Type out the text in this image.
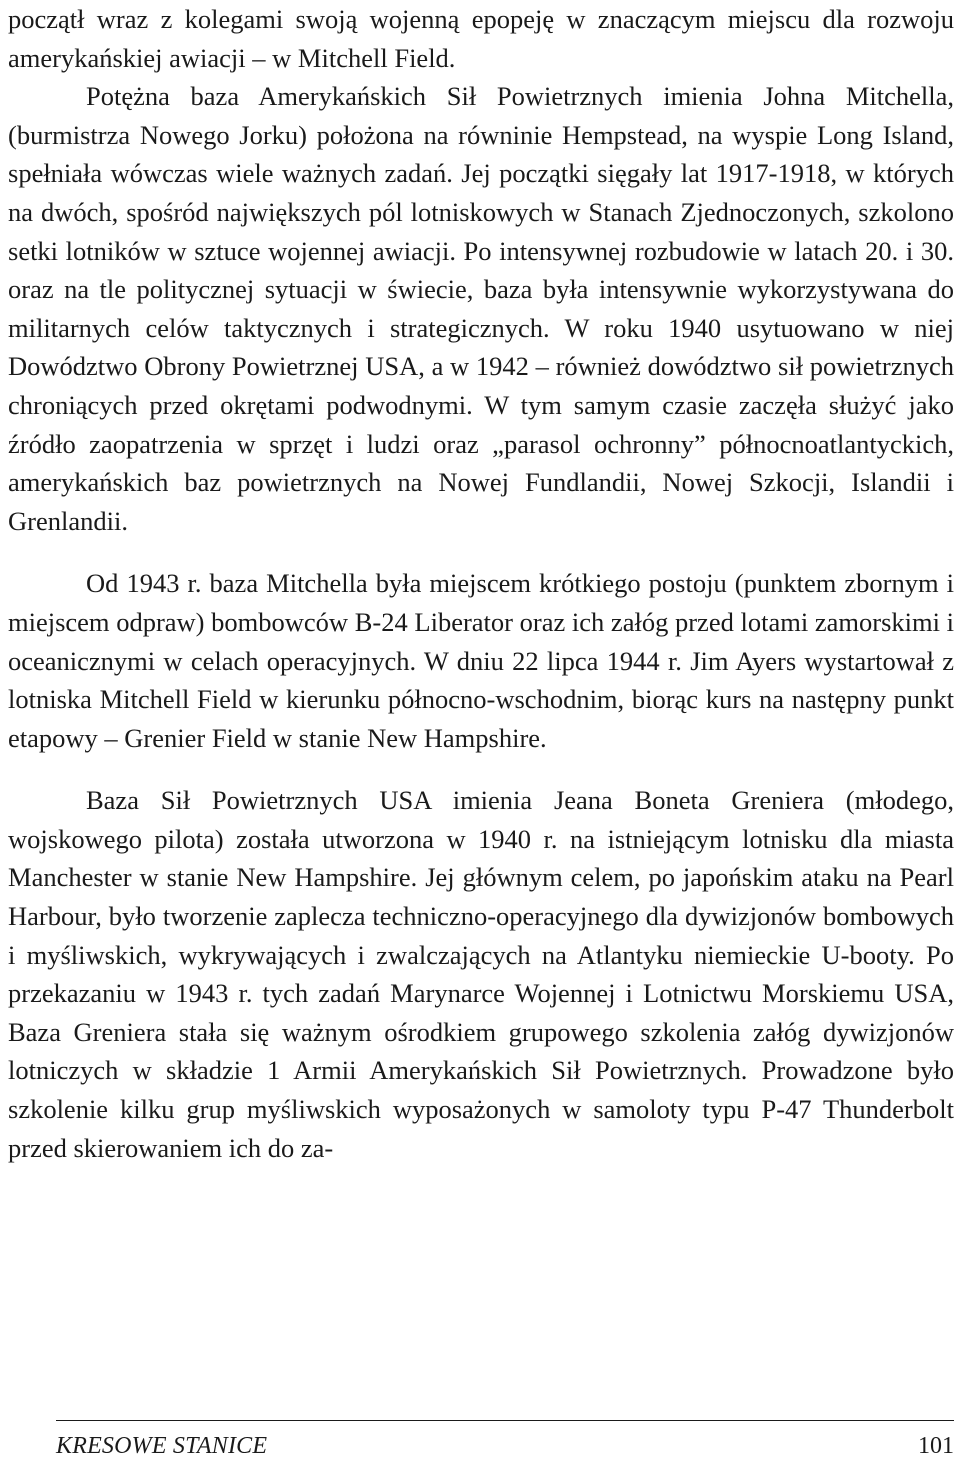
początł wraz z kolegami swoją wojenną epopeję w znaczącym miejscu dla rozwoju amerykańskiej awiacji – w Mitchell Field.

Potężna baza Amerykańskich Sił Powietrznych imienia Johna Mitchella, (burmistrza Nowego Jorku) położona na równinie Hempstead, na wyspie Long Island, spełniała wówczas wiele ważnych zadań. Jej początki sięgały lat 1917-1918, w których na dwóch, spośród największych pól lotniskowych w Stanach Zjednoczonych, szkolono setki lotników w sztuce wojennej awiacji. Po intensywnej rozbudowie w latach 20. i 30. oraz na tle politycznej sytuacji w świecie, baza była intensywnie wykorzystywana do militarnych celów taktycznych i strategicznych. W roku 1940 usytuowano w niej Dowództwo Obrony Powietrznej USA, a w 1942 – również dowództwo sił powietrznych chroniących przed okrętami podwodnymi. W tym samym czasie zaczęła służyć jako źródło zaopatrzenia w sprzęt i ludzi oraz „parasol ochronny” północnoatlantyckich, amerykańskich baz powietrznych na Nowej Fundlandii, Nowej Szkocji, Islandii i Grenlandii.

Od 1943 r. baza Mitchella była miejscem krótkiego postoju (punktem zbornym i miejscem odpraw) bombowców B-24 Liberator oraz ich załóg przed lotami zamorskimi i oceanicznymi w celach operacyjnych. W dniu 22 lipca 1944 r. Jim Ayers wystartował z lotniska Mitchell Field w kierunku północno-wschodnim, biorąc kurs na następny punkt etapowy – Grenier Field w stanie New Hampshire.

Baza Sił Powietrznych USA imienia Jeana Boneta Greniera (młodego, wojskowego pilota) została utworzona w 1940 r. na istniejącym lotnisku dla miasta Manchester w stanie New Hampshire. Jej głównym celem, po japońskim ataku na Pearl Harbour, było tworzenie zaplecza techniczno-operacyjnego dla dywizjonów bombowych i myśliwskich, wykrywających i zwalczających na Atlantyku niemieckie U-booty. Po przekazaniu w 1943 r. tych zadań Marynarce Wojennej i Lotnictwu Morskiemu USA, Baza Greniera stała się ważnym ośrodkiem grupowego szkolenia załóg dywizjonów lotniczych w składzie 1 Armii Amerykańskich Sił Powietrznych. Prowadzone było szkolenie kilku grup myśliwskich wyposażonych w samoloty typu P-47 Thunderbolt przed skierowaniem ich do za-

KRESOWE STANICE	101
